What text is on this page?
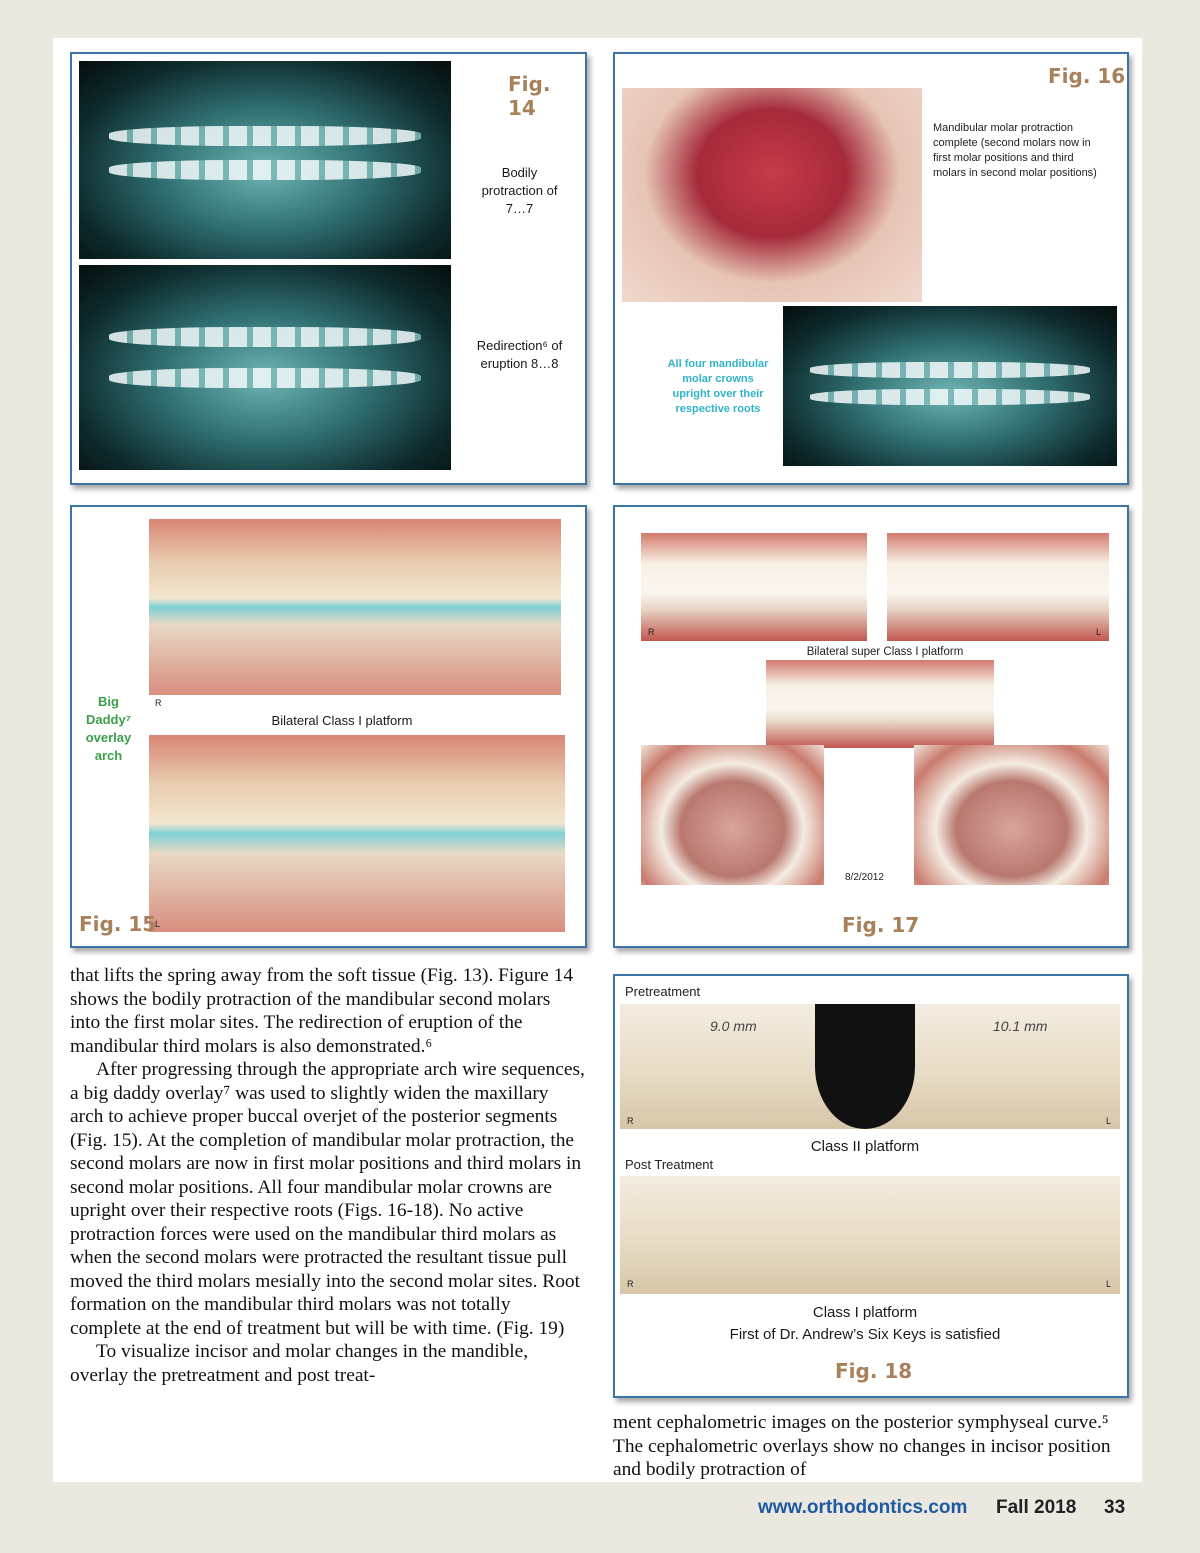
Fig. 14
Bodily
protraction of
7…7
Redirection⁶ of
eruption 8…8
Fig. 16
Mandibular molar protraction complete (second molars now in first molar positions and third molars in second molar positions)
All four mandibular molar crowns upright over their respective roots
R
Bilateral Class I platform
Big
Daddy⁷
overlay
arch
Fig. 15
L
R	L
Bilateral super Class I platform
8/2/2012
Fig. 17
Pretreatment
9.0 mm	10.1 mm
R	L
Class II platform
Post Treatment
R	L
Class I platform
First of Dr. Andrew’s Six Keys is satisfied
Fig. 18

that lifts the spring away from the soft tissue (Fig. 13). Figure 14 shows the bodily protraction of the mandibular second molars into the first molar sites. The redirection of eruption of the mandibular third molars is also demonstrated.⁶

After progressing through the appropriate arch wire sequences, a big daddy overlay⁷ was used to slightly widen the maxillary arch to achieve proper buccal overjet of the posterior segments (Fig. 15). At the completion of mandibular molar protraction, the second molars are now in first molar positions and third molars in second molar positions. All four mandibular molar crowns are upright over their respective roots (Figs. 16-18). No active protraction forces were used on the mandibular third molars as when the second molars were protracted the resultant tissue pull moved the third molars mesially into the second molar sites. Root formation on the mandibular third molars was not totally complete at the end of treatment but will be with time. (Fig. 19)

To visualize incisor and molar changes in the mandible, overlay the pretreatment and post treat-

ment cephalometric images on the posterior symphyseal curve.⁵ The cephalometric overlays show no changes in incisor position and bodily protraction of

www.orthodontics.com Fall 2018 33
